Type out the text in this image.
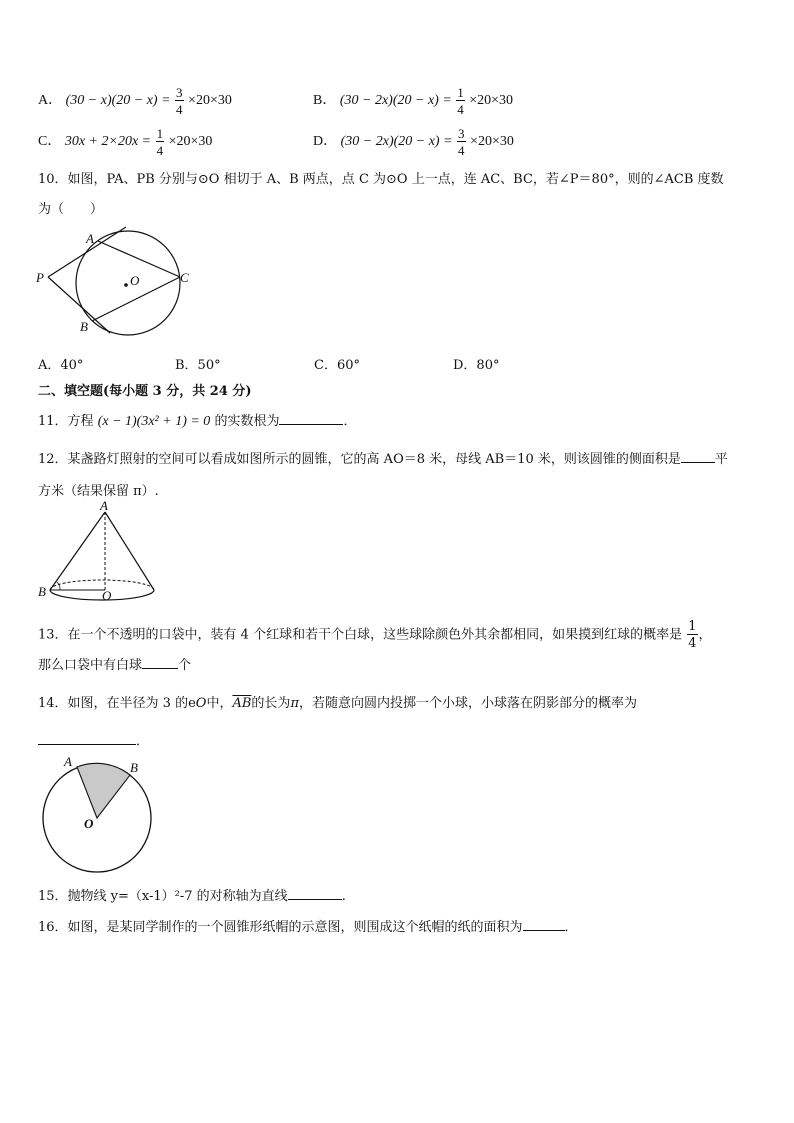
A． $(30 - x)(20 - x) = \frac{3}{4} \times 20\times 30$	B． $(30 - 2x)(20 - x) = \frac{1}{4} \times 20\times 30$
C． $30x + 2\times 20x = \frac{1}{4} \times 20\times 30$	D． $(30 - 2x)(20 - x) = \frac{3}{4} \times 20\times 30$
10．如图，PA、PB 分别与⊙O 相切于 A、B 两点，点 C 为⊙O 上一点，连 AC、BC，若∠P＝80°，则的∠ACB 度数
为（　　）
A
B
C
O
P
A．40°	B．50°	C．60°	D．80°
二、填空题(每小题 3 分，共 24 分)
11．方程 (x − 1)(3x² + 1) = 0 的实数根为	．
12．某盏路灯照射的空间可以看成如图所示的圆锥，它的高 AO＝8 米，母线 AB＝10 米，则该圆锥的侧面积是	平
方米（结果保留 π）.
A
B	O
13．在一个不透明的口袋中，装有 4 个红球和若干个白球，这些球除颜色外其余都相同，如果摸到红球的概率是 $\frac{1}{4}$ ，
那么口袋中有白球	个
14．如图，在半径为 3 的eO中，$\overline{AB}$的长为π，若随意向圆内投掷一个小球，小球落在阴影部分的概率为
．
A	B
O
15．抛物线 y=（x-1）²-7 的对称轴为直线	.
16．如图，是某同学制作的一个圆锥形纸帽的示意图，则围成这个纸帽的纸的面积为	．
